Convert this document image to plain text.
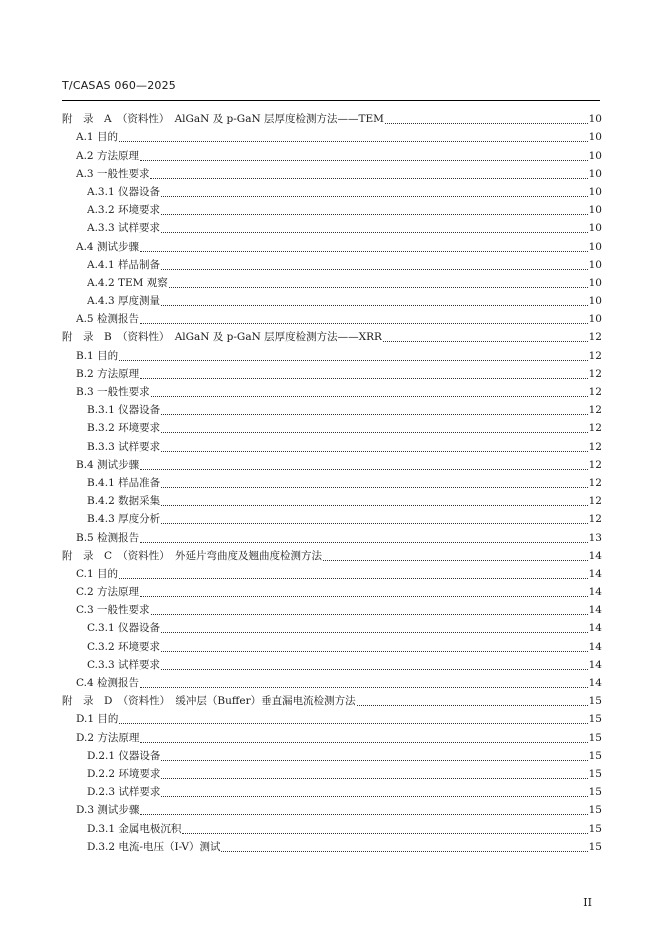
T/CASAS 060—2025
附　录　A　（资料性）　AlGaN 及 p-GaN 层厚度检测方法——TEM	10
A.1 目的	10
A.2 方法原理	10
A.3 一般性要求	10
A.3.1 仪器设备	10
A.3.2 环境要求	10
A.3.3 试样要求	10
A.4 测试步骤	10
A.4.1 样品制备	10
A.4.2 TEM 观察	10
A.4.3 厚度测量	10
A.5 检测报告	10
附　录　B　（资料性）　AlGaN 及 p-GaN 层厚度检测方法——XRR	12
B.1 目的	12
B.2 方法原理	12
B.3 一般性要求	12
B.3.1 仪器设备	12
B.3.2 环境要求	12
B.3.3 试样要求	12
B.4 测试步骤	12
B.4.1 样品准备	12
B.4.2 数据采集	12
B.4.3 厚度分析	12
B.5 检测报告	13
附　录　C　（资料性）　外延片弯曲度及翘曲度检测方法	14
C.1 目的	14
C.2 方法原理	14
C.3 一般性要求	14
C.3.1 仪器设备	14
C.3.2 环境要求	14
C.3.3 试样要求	14
C.4 检测报告	14
附　录　D　（资料性）　缓冲层（Buffer）垂直漏电流检测方法	15
D.1 目的	15
D.2 方法原理	15
D.2.1 仪器设备	15
D.2.2 环境要求	15
D.2.3 试样要求	15
D.3 测试步骤	15
D.3.1 金属电极沉积	15
D.3.2 电流-电压（I-V）测试	15
II
